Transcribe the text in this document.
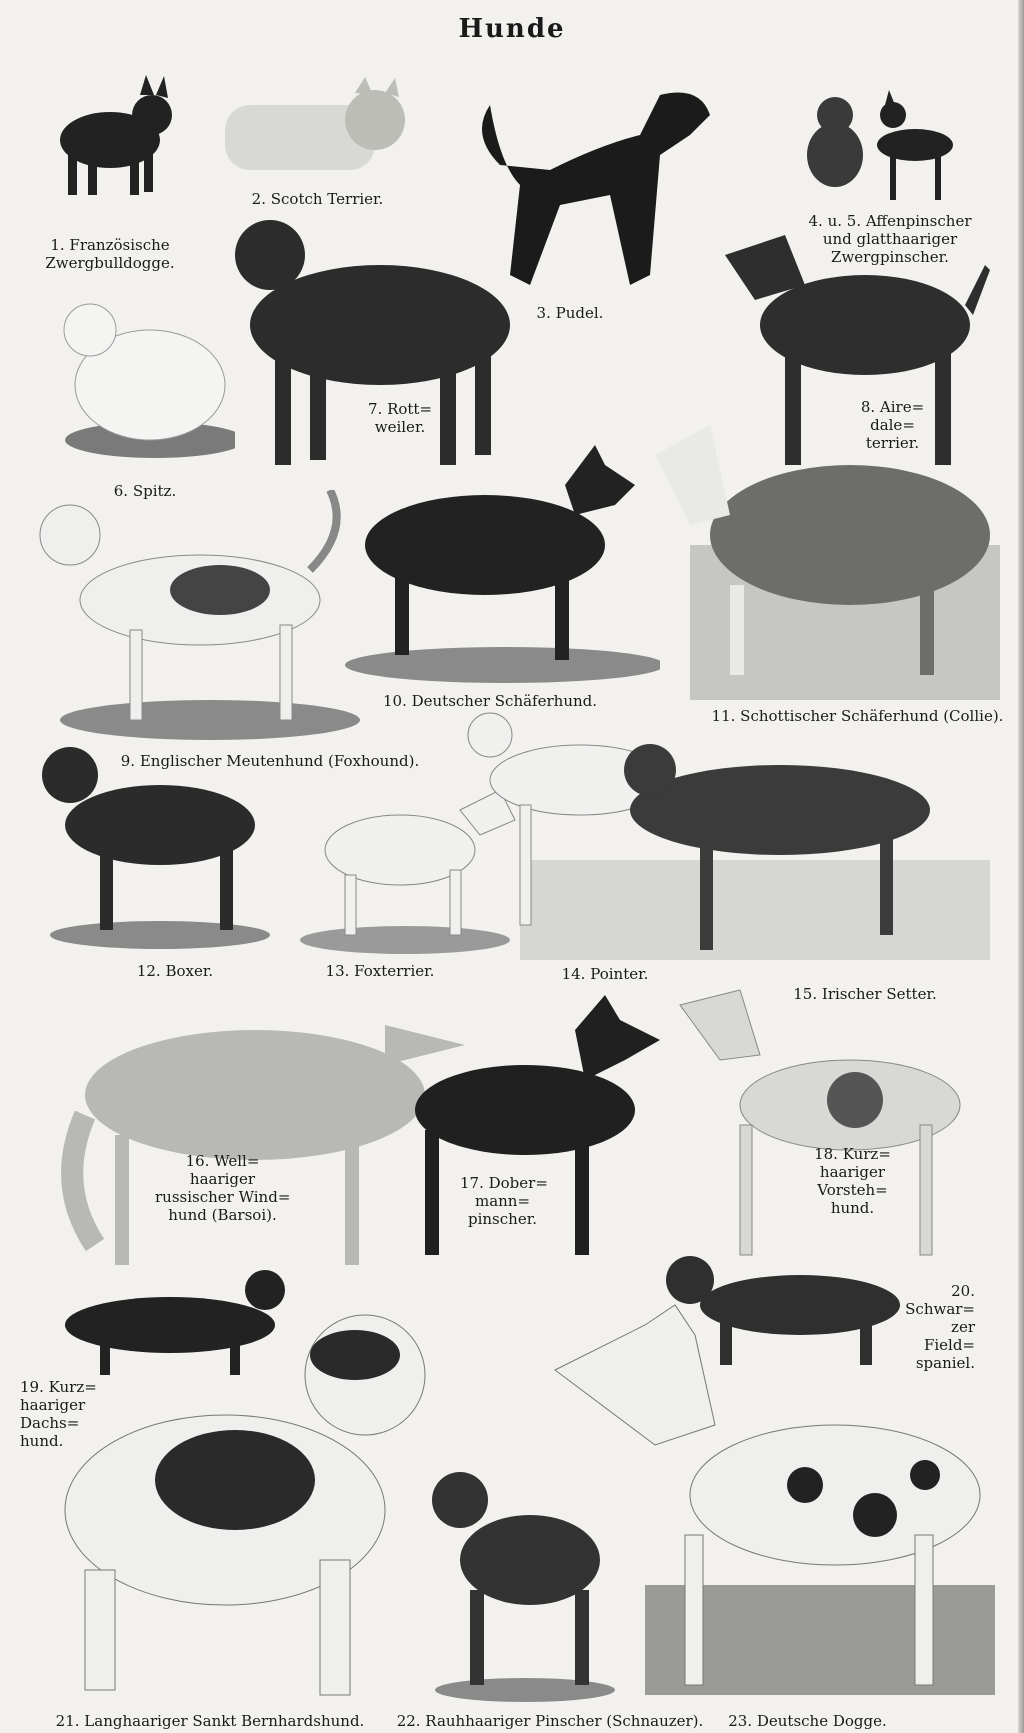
Hunde
1. Französische
Zwergbulldogge.
2. Scotch Terrier.
3. Pudel.
4. u. 5. Affenpinscher
und glatthaariger
Zwergpinscher.
6. Spitz.
7. Rott=
weiler.
8. Aire=
dale=
terrier.
9. Englischer Meutenhund (Foxhound).
10. Deutscher Schäferhund.
11. Schottischer Schäferhund (Collie).
12. Boxer.	13. Foxterrier.	14. Pointer.
15. Irischer Setter.
16. Well=
haariger
russischer Wind=
hund (Barsoi).
17. Dober=
mann=
pinscher.
18. Kurz=
haariger
Vorsteh=
hund.
19. Kurz=
haariger
Dachs=
hund.
20.
Schwar=
zer
Field=
spaniel.
21. Langhaariger Sankt Bernhardshund.	22. Rauhhaariger Pinscher (Schnauzer). 23. Deutsche Dogge.
